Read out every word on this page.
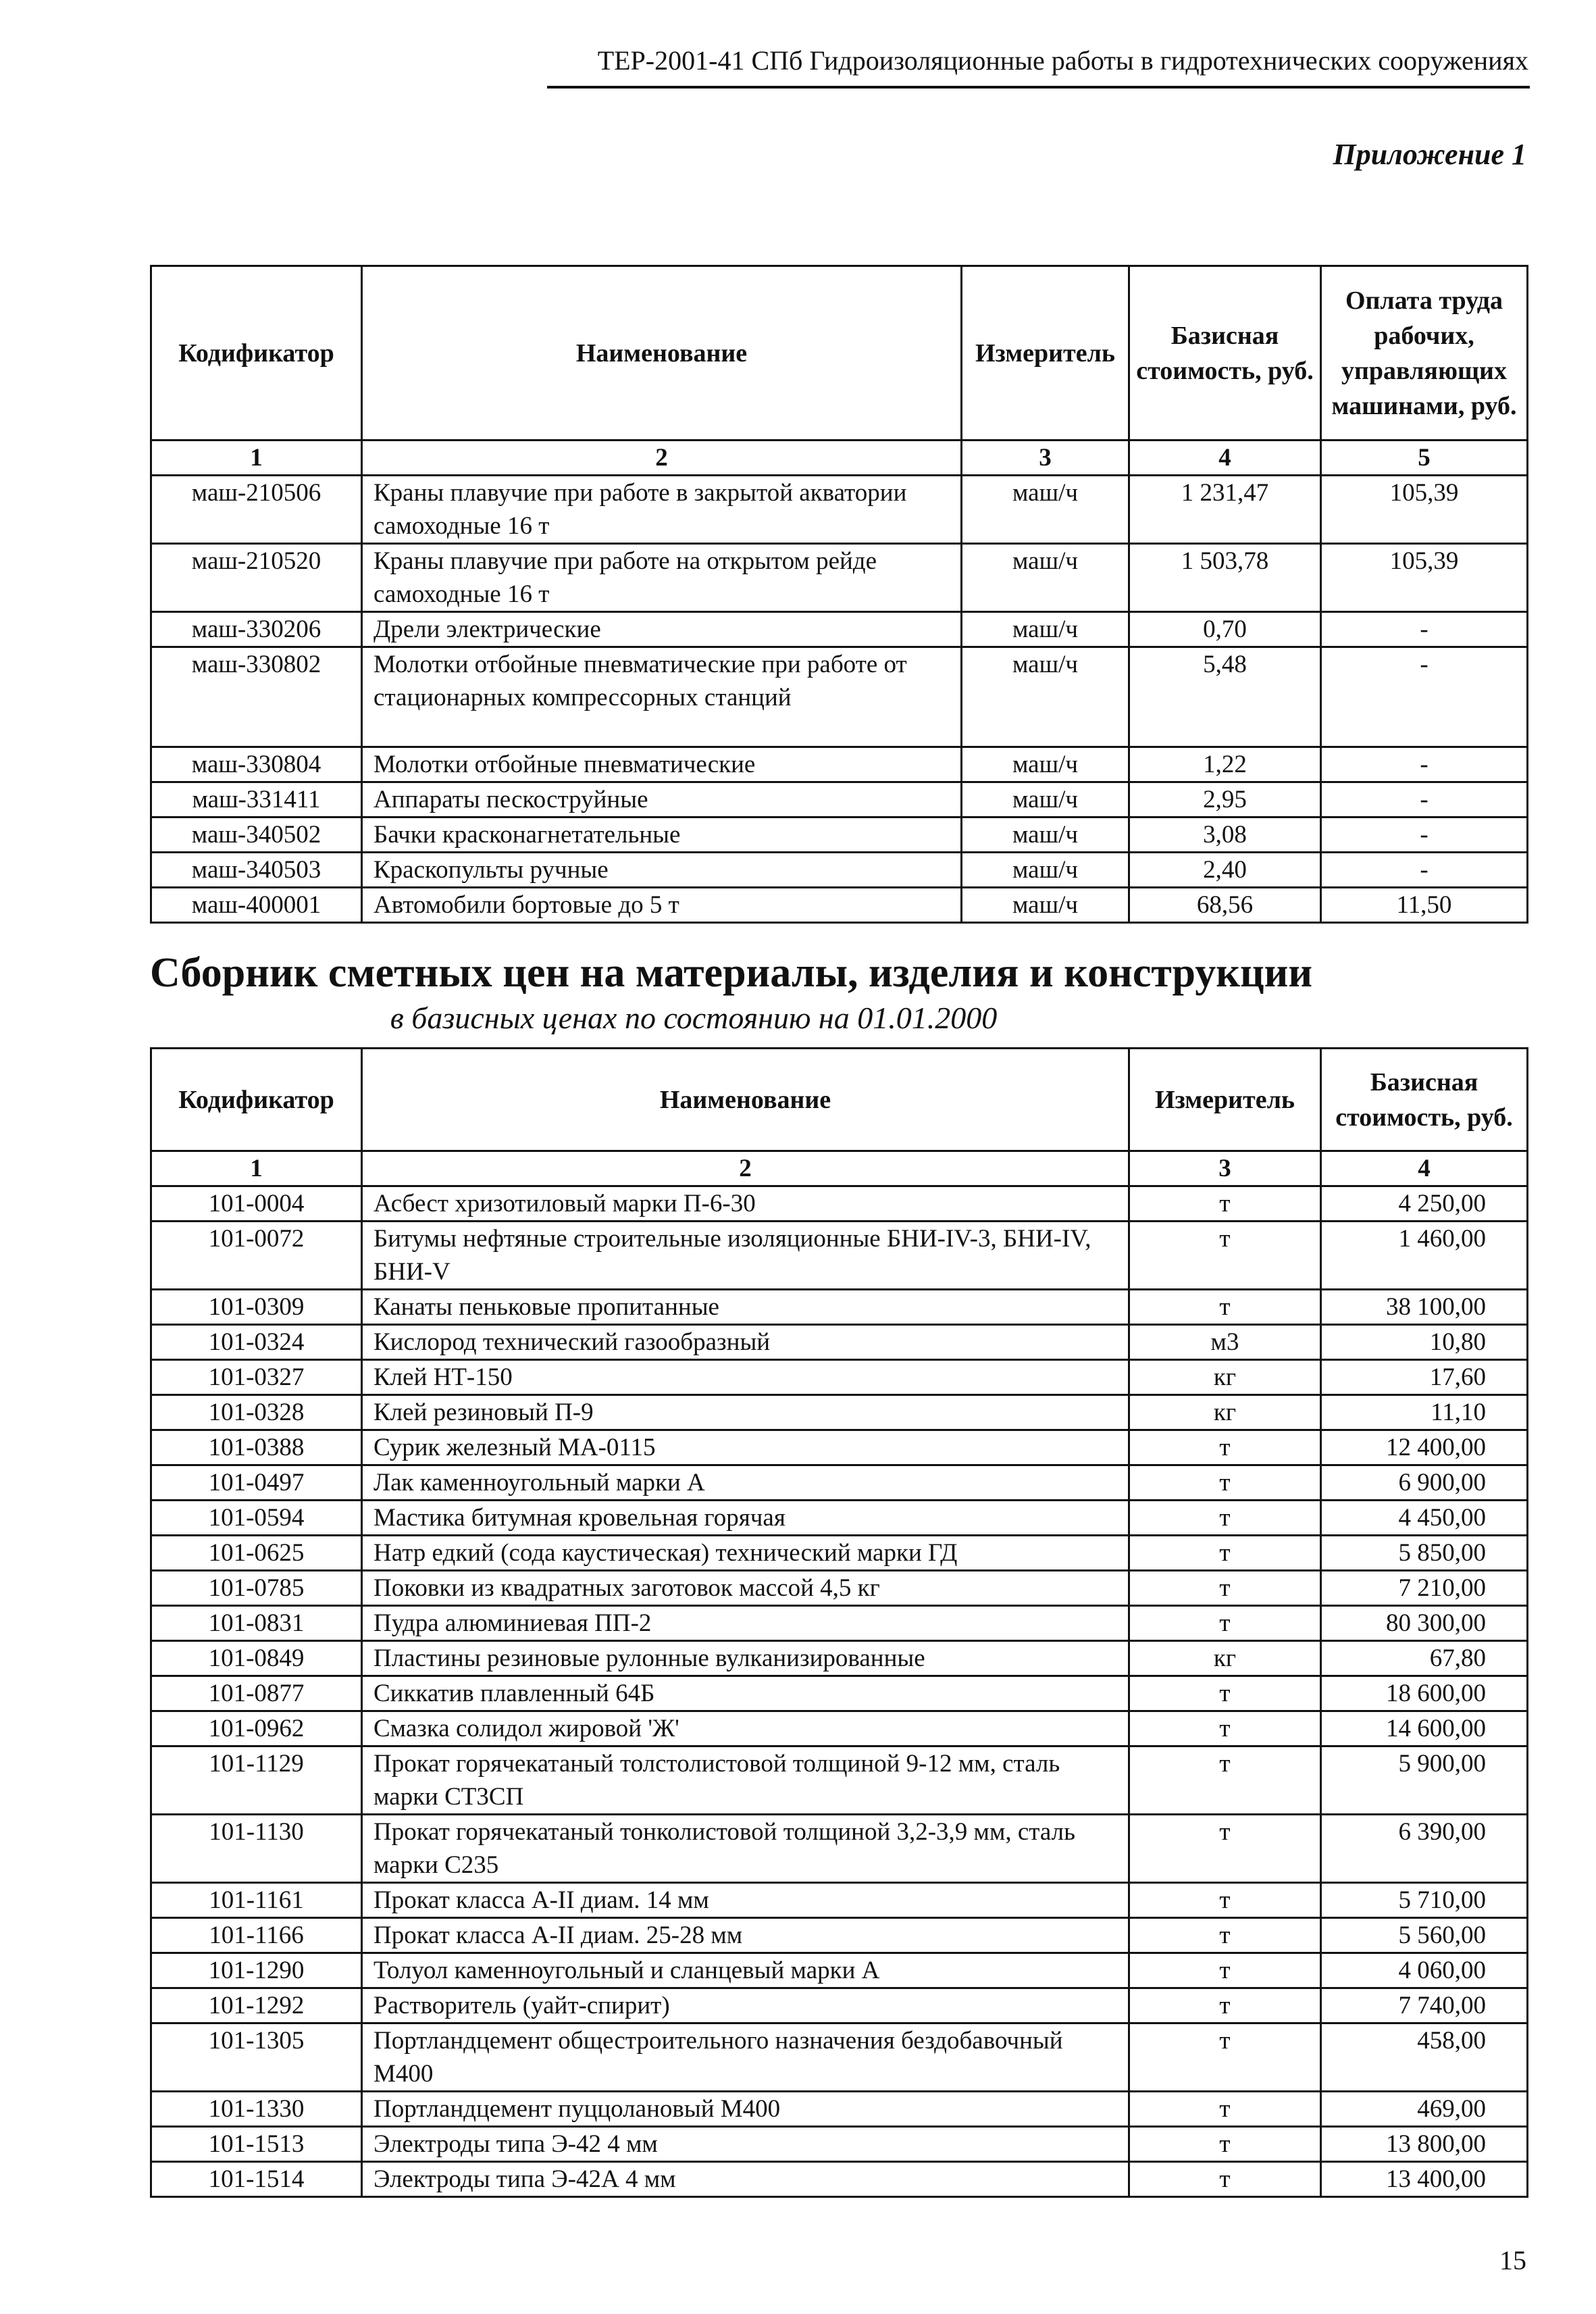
ТЕР-2001-41 СПб Гидроизоляционные работы в гидротехнических сооружениях
Приложение 1
Кодификатор	Наименование	Измеритель	Базисная стоимость, руб.	Оплата труда рабочих, управляющих машинами, руб.
1	2	3	4	5
маш-210506	Краны плавучие при работе в закрытой акватории самоходные 16 т	маш/ч	1 231,47	105,39
маш-210520	Краны плавучие при работе на открытом рейде самоходные 16 т	маш/ч	1 503,78	105,39
маш-330206	Дрели электрические	маш/ч	0,70	-
маш-330802	Молотки отбойные пневматические при работе от стационарных компрессорных станций	маш/ч	5,48	-
маш-330804	Молотки отбойные пневматические	маш/ч	1,22	-
маш-331411	Аппараты пескоструйные	маш/ч	2,95	-
маш-340502	Бачки красконагнетательные	маш/ч	3,08	-
маш-340503	Краскопульты ручные	маш/ч	2,40	-
маш-400001	Автомобили бортовые до 5 т	маш/ч	68,56	11,50
Сборник сметных цен на материалы, изделия и конструкции
в базисных ценах по состоянию на 01.01.2000
Кодификатор	Наименование	Измеритель	Базисная стоимость, руб.
1	2	3	4
101-0004	Асбест хризотиловый марки П-6-30	т	4 250,00
101-0072	Битумы нефтяные строительные изоляционные БНИ-IV-3, БНИ-IV, БНИ-V	т	1 460,00
101-0309	Канаты пеньковые пропитанные	т	38 100,00
101-0324	Кислород технический газообразный	м3	10,80
101-0327	Клей НТ-150	кг	17,60
101-0328	Клей резиновый П-9	кг	11,10
101-0388	Сурик железный МА-0115	т	12 400,00
101-0497	Лак каменноугольный марки А	т	6 900,00
101-0594	Мастика битумная кровельная горячая	т	4 450,00
101-0625	Натр едкий (сода каустическая) технический марки ГД	т	5 850,00
101-0785	Поковки из квадратных заготовок массой 4,5 кг	т	7 210,00
101-0831	Пудра алюминиевая ПП-2	т	80 300,00
101-0849	Пластины резиновые рулонные вулканизированные	кг	67,80
101-0877	Сиккатив плавленный 64Б	т	18 600,00
101-0962	Смазка солидол жировой 'Ж'	т	14 600,00
101-1129	Прокат горячекатаный толстолистовой толщиной 9-12 мм, сталь марки СТ3СП	т	5 900,00
101-1130	Прокат горячекатаный тонколистовой толщиной 3,2-3,9 мм, сталь марки С235	т	6 390,00
101-1161	Прокат класса А-II диам. 14 мм	т	5 710,00
101-1166	Прокат класса А-II диам. 25-28 мм	т	5 560,00
101-1290	Толуол каменноугольный и сланцевый марки А	т	4 060,00
101-1292	Растворитель (уайт-спирит)	т	7 740,00
101-1305	Портландцемент общестроительного назначения бездобавочный М400	т	458,00
101-1330	Портландцемент пуццолановый М400	т	469,00
101-1513	Электроды типа Э-42 4 мм	т	13 800,00
101-1514	Электроды типа Э-42А 4 мм	т	13 400,00
15
